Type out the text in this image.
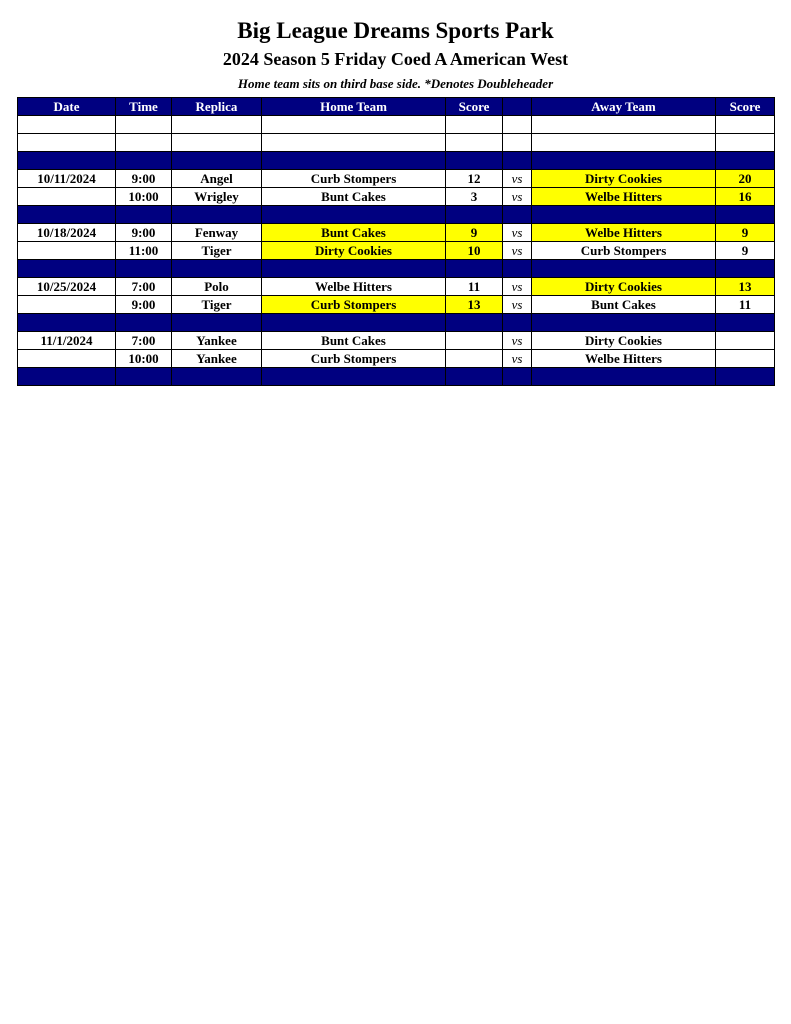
Big League Dreams Sports Park
2024 Season 5 Friday Coed A American West
Home team sits on third base side. *Denotes Doubleheader
Date	Time	Replica	Home Team	Score		Away Team	Score

10/11/2024	9:00	Angel	Curb Stompers	12	vs	Dirty Cookies	20
	10:00	Wrigley	Bunt Cakes	3	vs	Welbe Hitters	16

10/18/2024	9:00	Fenway	Bunt Cakes	9	vs	Welbe Hitters	9
	11:00	Tiger	Dirty Cookies	10	vs	Curb Stompers	9

10/25/2024	7:00	Polo	Welbe Hitters	11	vs	Dirty Cookies	13
	9:00	Tiger	Curb Stompers	13	vs	Bunt Cakes	11

11/1/2024	7:00	Yankee	Bunt Cakes		vs	Dirty Cookies	
	10:00	Yankee	Curb Stompers		vs	Welbe Hitters	
